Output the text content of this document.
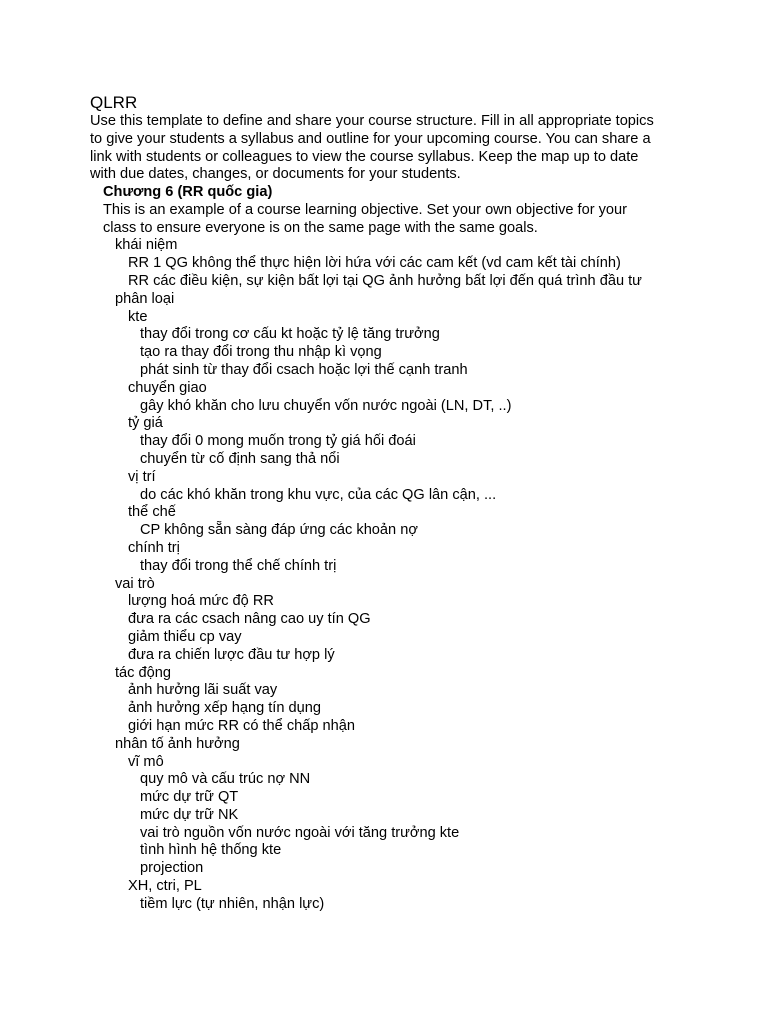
QLRR
Use this template to define and share your course structure. Fill in all appropriate topics
to give your students a syllabus and outline for your upcoming course. You can share a
link with students or colleagues to view the course syllabus. Keep the map up to date
with due dates, changes, or documents for your students.
Chương 6 (RR quốc gia)
This is an example of a course learning objective. Set your own objective for your
class to ensure everyone is on the same page with the same goals.
khái niệm
RR 1 QG không thể thực hiện lời hứa với các cam kết (vd cam kết tài chính)
RR các điều kiện, sự kiện bất lợi tại QG ảnh hưởng bất lợi đến quá trình đầu tư
phân loại
kte
thay đổi trong cơ cấu kt hoặc tỷ lệ tăng trưởng
tạo ra thay đổi trong thu nhập kì vọng
phát sinh từ thay đổi csach hoặc lợi thế cạnh tranh
chuyển giao
gây khó khăn cho lưu chuyển vốn nước ngoài (LN, DT, ..)
tỷ giá
thay đổi 0 mong muốn trong tỷ giá hối đoái
chuyển từ cố định sang thả nổi
vị trí
do các khó khăn trong khu vực, của các QG lân cận, ...
thể chế
CP không sẵn sàng đáp ứng các khoản nợ
chính trị
thay đổi trong thể chế chính trị
vai trò
lượng hoá mức độ RR
đưa ra các csach nâng cao uy tín QG
giảm thiểu cp vay
đưa ra chiến lược đầu tư hợp lý
tác động
ảnh hưởng lãi suất vay
ảnh hưởng xếp hạng tín dụng
giới hạn mức RR có thể chấp nhận
nhân tố ảnh hưởng
vĩ mô
quy mô và cấu trúc nợ NN
mức dự trữ QT
mức dự trữ NK
vai trò nguồn vốn nước ngoài với tăng trưởng kte
tình hình hệ thống kte
projection
XH, ctri, PL
tiềm lực (tự nhiên, nhận lực)
